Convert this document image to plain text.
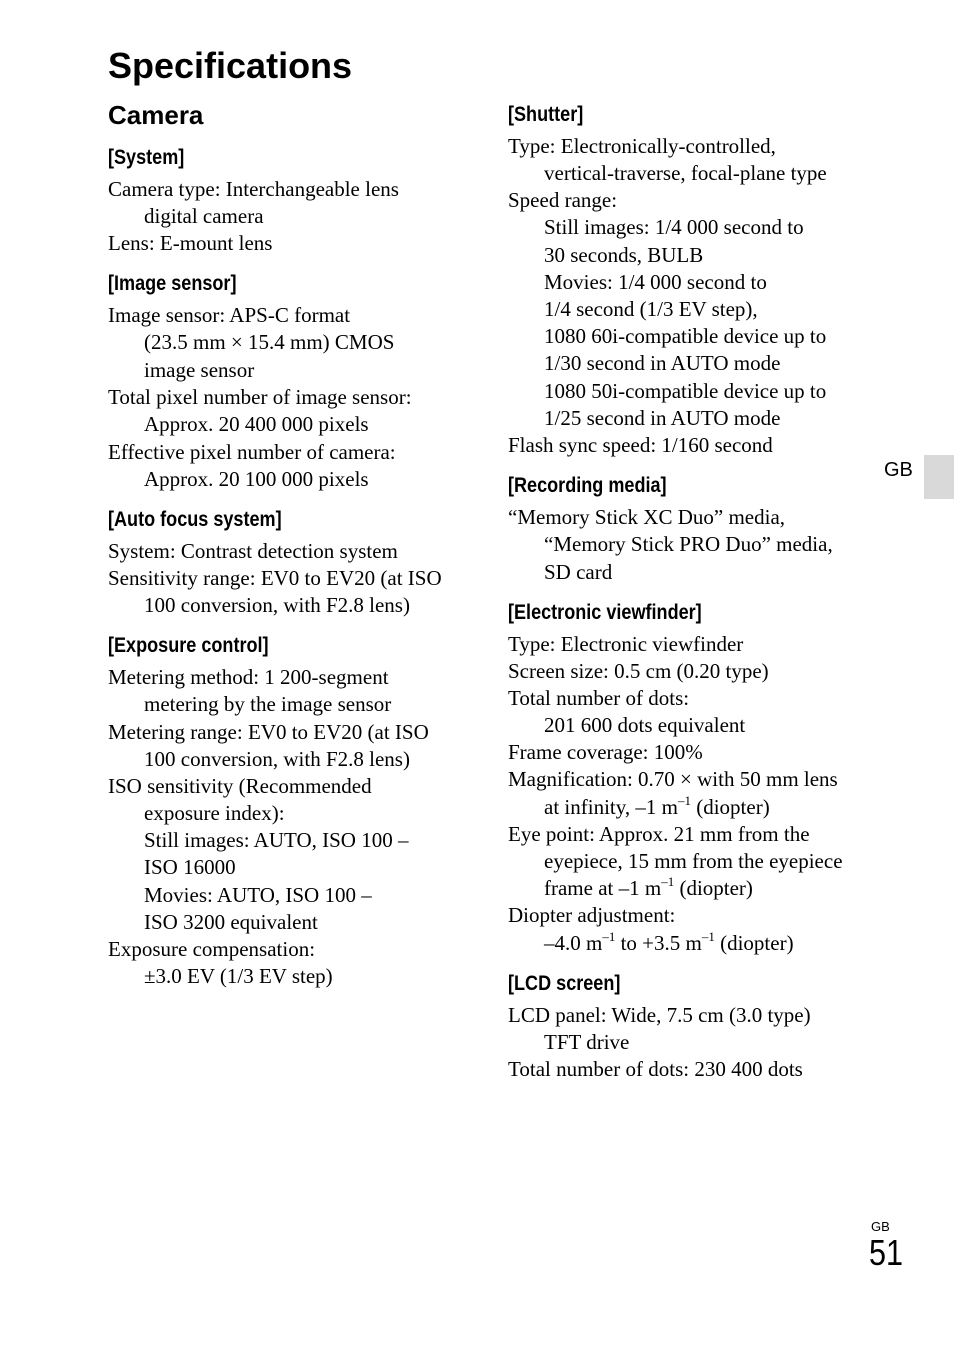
Specifications
Camera
[System]
Camera type: Interchangeable lens
digital camera
Lens: E-mount lens
[Image sensor]
Image sensor: APS-C format
(23.5 mm × 15.4 mm) CMOS
image sensor
Total pixel number of image sensor:
Approx. 20 400 000 pixels
Effective pixel number of camera:
Approx. 20 100 000 pixels
[Auto focus system]
System: Contrast detection system
Sensitivity range: EV0 to EV20 (at ISO
100 conversion, with F2.8 lens)
[Exposure control]
Metering method: 1 200-segment
metering by the image sensor
Metering range: EV0 to EV20 (at ISO
100 conversion, with F2.8 lens)
ISO sensitivity (Recommended
exposure index):
Still images: AUTO, ISO 100 –
ISO 16000
Movies: AUTO, ISO 100 –
ISO 3200 equivalent
Exposure compensation:
±3.0 EV (1/3 EV step)
[Shutter]
Type: Electronically-controlled,
vertical-traverse, focal-plane type
Speed range:
Still images: 1/4 000 second to
30 seconds, BULB
Movies: 1/4 000 second to
1/4 second (1/3 EV step),
1080 60i-compatible device up to
1/30 second in AUTO mode
1080 50i-compatible device up to
1/25 second in AUTO mode
Flash sync speed: 1/160 second
[Recording media]
“Memory Stick XC Duo” media,
“Memory Stick PRO Duo” media,
SD card
[Electronic viewfinder]
Type: Electronic viewfinder
Screen size: 0.5 cm (0.20 type)
Total number of dots:
201 600 dots equivalent
Frame coverage: 100%
Magnification: 0.70 × with 50 mm lens
at infinity, –1 $m^{-1}$ (diopter)
Eye point: Approx. 21 mm from the
eyepiece, 15 mm from the eyepiece
frame at –1 $m^{-1}$ (diopter)
Diopter adjustment:
–4.0 $m^{-1}$ to +3.5 $m^{-1}$ (diopter)
[LCD screen]
LCD panel: Wide, 7.5 cm (3.0 type)
TFT drive
Total number of dots: 230 400 dots
GB
GB
51
